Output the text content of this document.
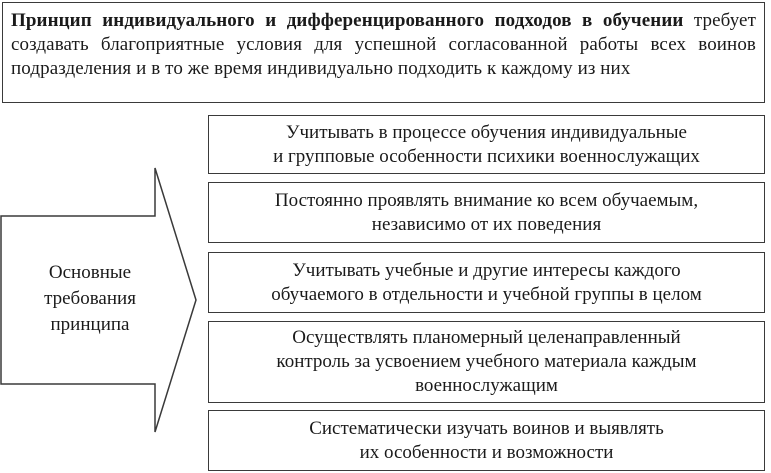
Принцип индивидуального и дифференцированного подходов в обучении требует создавать благоприятные условия для успешной согласованной работы всех воинов подразделения и в то же время индивидуально подходить к каждому из них
Основные
требования
принципа
Учитывать в процессе обучения индивидуальные
и групповые особенности психики военнослужащих
Постоянно проявлять внимание ко всем обучаемым,
независимо от их поведения
Учитывать учебные и другие интересы каждого
обучаемого в отдельности и учебной группы в целом
Осуществлять планомерный целенаправленный
контроль за усвоением учебного материала каждым
военнослужащим
Систематически изучать воинов и выявлять
их особенности и возможности
